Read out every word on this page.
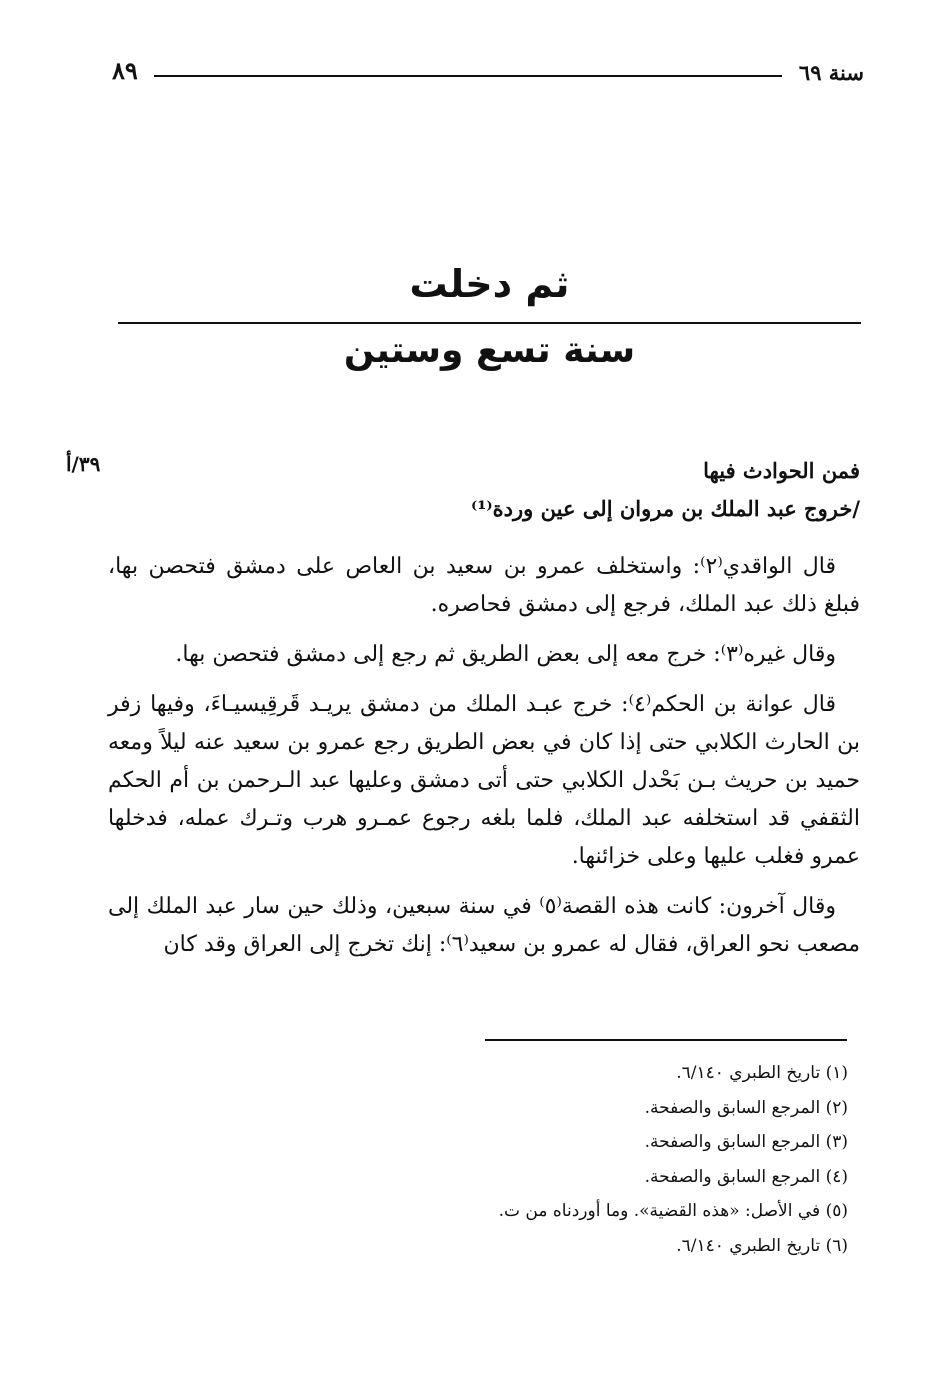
سنة ٦٩
٨٩
ثم دخلت
سنة تسع وستين
٣٩/أ	فمن الحوادث فيها

/خروج عبد الملك بن مروان إلى عين وردة⁽¹⁾

قال الواقدي⁽٢⁾: واستخلف عمرو بن سعيد بن العاص على دمشق فتحصن بها، فبلغ ذلك عبد الملك، فرجع إلى دمشق فحاصره.

وقال غيره⁽٣⁾: خرج معه إلى بعض الطريق ثم رجع إلى دمشق فتحصن بها.

قال عوانة بن الحكم⁽٤⁾: خرج عبـد الملك من دمشق يريـد قَرقِيسيـاءَ، وفيها زفر بن الحارث الكلابي حتى إذا كان في بعض الطريق رجع عمرو بن سعيد عنه ليلاً ومعه حميد بن حريث بـن بَحْدل الكلابي حتى أتى دمشق وعليها عبد الـرحمن بن أم الحكم الثقفي قد استخلفه عبد الملك، فلما بلغه رجوع عمـرو هرب وتـرك عمله، فدخلها عمرو فغلب عليها وعلى خزائنها.

وقال آخرون: كانت هذه القصة⁽٥⁾ في سنة سبعين، وذلك حين سار عبد الملك إلى مصعب نحو العراق، فقال له عمرو بن سعيد⁽٦⁾: إنك تخرج إلى العراق وقد كان

(١) تاريخ الطبري ٦/١٤٠.

(٢) المرجع السابق والصفحة.

(٣) المرجع السابق والصفحة.

(٤) المرجع السابق والصفحة.

(٥) في الأصل: «هذه القضية». وما أوردناه من ت.

(٦) تاريخ الطبري ٦/١٤٠.
